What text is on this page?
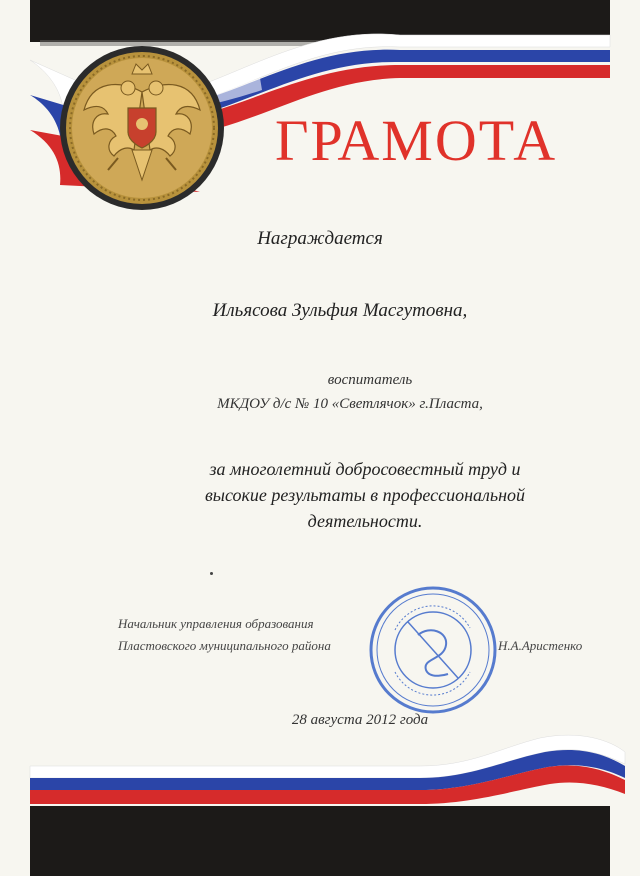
ГРАМОТА
Награждается
Ильясова Зульфия Масгутовна,
воспитатель
МКДОУ д/с № 10 «Светлячок» г.Пласта,
за многолетний добросовестный труд и
высокие результаты в профессиональной
деятельности.
Начальник управления образования
Пластовского муниципального района	Н.А.Аристенко
28 августа 2012 года
